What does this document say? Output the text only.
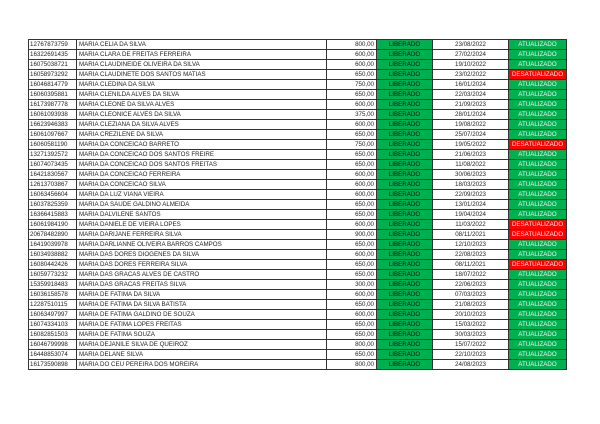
12767873759	MARIA CELIA DA SILVA	800,00	LIBERADO	23/08/2022	ATUALIZADO
16322691435	MARIA CLARA DE FREITAS FERREIRA	600,00	LIBERADO	27/02/2024	ATUALIZADO
16075038721	MARIA CLAUDINEIDE OLIVEIRA DA SILVA	600,00	LIBERADO	19/10/2022	ATUALIZADO
16058973292	MARIA CLAUDINETE DOS SANTOS MATIAS	650,00	LIBERADO	23/02/2022	DESATUALIZADO
16046814779	MARIA CLEDINA DA SILVA	750,00	LIBERADO	16/01/2024	ATUALIZADO
16060395881	MARIA CLENILDA ALVES DA SILVA	650,00	LIBERADO	22/03/2024	ATUALIZADO
16173987778	MARIA CLEONE DA SILVA ALVES	600,00	LIBERADO	21/09/2023	ATUALIZADO
16061093938	MARIA CLEONICE ALVES DA SILVA	375,00	LIBERADO	28/01/2024	ATUALIZADO
16623946383	MARIA CLEZIANA DA SILVA ALVES	600,00	LIBERADO	19/08/2022	ATUALIZADO
16061097667	MARIA CREZILENE DA SILVA	650,00	LIBERADO	25/07/2024	ATUALIZADO
16060581190	MARIA DA CONCEICAO BARRETO	750,00	LIBERADO	19/05/2022	DESATUALIZADO
13271392572	MARIA DA CONCEICAO DOS SANTOS FREIRE	650,00	LIBERADO	21/06/2023	ATUALIZADO
16074073435	MARIA DA CONCEICAO DOS SANTOS FREITAS	650,00	LIBERADO	11/08/2022	ATUALIZADO
16421830567	MARIA DA CONCEICAO FERREIRA	600,00	LIBERADO	30/06/2023	ATUALIZADO
12613703867	MARIA DA CONCEICAO SILVA	600,00	LIBERADO	18/03/2023	ATUALIZADO
16063456604	MARIA DA LUZ VIANA VIEIRA	600,00	LIBERADO	22/09/2023	ATUALIZADO
16037825359	MARIA DA SAUDE GALDINO ALMEIDA	650,00	LIBERADO	13/01/2024	ATUALIZADO
16366415883	MARIA DALVILENE SANTOS	650,00	LIBERADO	19/04/2024	ATUALIZADO
16061984190	MARIA DANIELE DE VIEIRA LOPES	600,00	LIBERADO	11/03/2022	DESATUALIZADO
20678482890	MARIA DARIJANE FERREIRA SILVA	900,00	LIBERADO	08/11/2021	DESATUALIZADO
16419039978	MARIA DARLIANNE OLIVEIRA BARROS CAMPOS	650,00	LIBERADO	12/10/2023	ATUALIZADO
16034938882	MARIA DAS DORES DIOGENES DA SILVA	600,00	LIBERADO	22/08/2023	ATUALIZADO
16080442426	MARIA DAS DORES FERREIRA SILVA	650,00	LIBERADO	08/11/2021	DESATUALIZADO
16059773232	MARIA DAS GRACAS ALVES DE CASTRO	650,00	LIBERADO	18/07/2022	ATUALIZADO
15359918483	MARIA DAS GRACAS FREITAS SILVA	300,00	LIBERADO	22/06/2023	ATUALIZADO
16036158578	MARIA DE FATIMA DA SILVA	600,00	LIBERADO	07/03/2023	ATUALIZADO
12287510115	MARIA DE FATIMA DA SILVA BATISTA	650,00	LIBERADO	21/08/2023	ATUALIZADO
16063497997	MARIA DE FATIMA GALDINO DE SOUZA	600,00	LIBERADO	20/10/2023	ATUALIZADO
16074334103	MARIA DE FATIMA LOPES FREITAS	650,00	LIBERADO	15/03/2022	ATUALIZADO
16082851503	MARIA DE FATIMA SOUZA	650,00	LIBERADO	30/03/2023	ATUALIZADO
16046799998	MARIA DEJANILE SILVA DE QUEIROZ	800,00	LIBERADO	15/07/2022	ATUALIZADO
16448853074	MARIA DELANE SILVA	650,00	LIBERADO	22/10/2023	ATUALIZADO
16173590898	MARIA DO CEU PEREIRA DOS MOREIRA	800,00	LIBERADO	24/08/2023	ATUALIZADO
